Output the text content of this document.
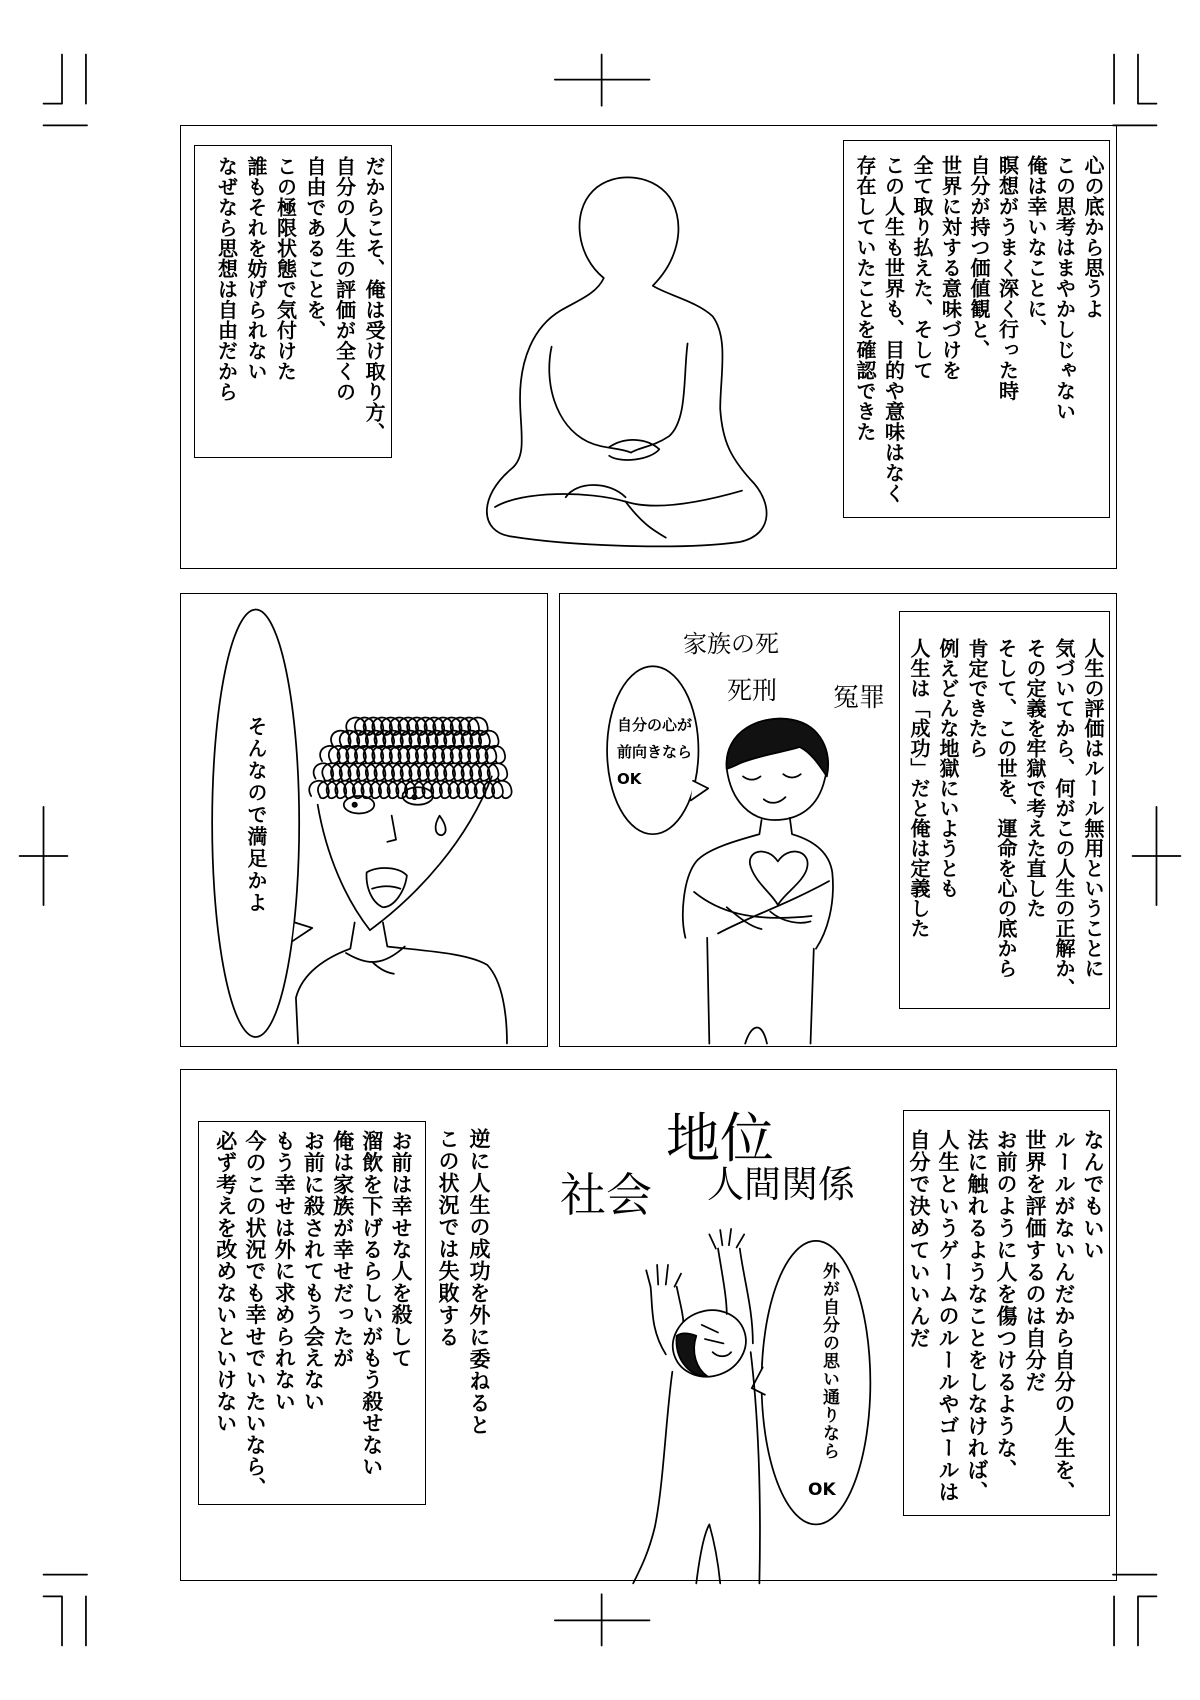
心の底から思うよ
この思考はまやかしじゃない
俺は幸いなことに、
瞑想がうまく深く行った時
自分が持つ価値観と、
世界に対する意味づけを
全て取り払えた、そして
この人生も世界も、目的や意味はなく
存在していたことを確認できた
だからこそ、俺は受け取り方、
自分の人生の評価が全くの
自由であることを、
この極限状態で気付けた
誰もそれを妨げられない
なぜなら思想は自由だから
そんなので満足かよ
家族の死
死刑 冤罪
自分の心が
前向きなら
OK	人生の評価はルール無用ということに
気づいてから、何がこの人生の正解か、
その定義を牢獄で考えた直した
そして、この世を、運命を心の底から
肯定できたら
例えどんな地獄にいようとも
人生は「成功」だと俺は定義した
地位
社会 人間関係
外が自分の思い通りなら
OK
なんでもいい
ルールがないんだから自分の人生を、
世界を評価するのは自分だ
お前のように人を傷つけるような、
法に触れるようなことをしなければ、
人生というゲームのルールやゴールは
自分で決めていいんだ
逆に人生の成功を外に委ねると
この状況では失敗する
お前は幸せな人を殺して
溜飲を下げるらしいがもう殺せない
俺は家族が幸せだったが
お前に殺されてもう会えない
もう幸せは外に求められない
今のこの状況でも幸せでいたいなら、
必ず考えを改めないといけない
